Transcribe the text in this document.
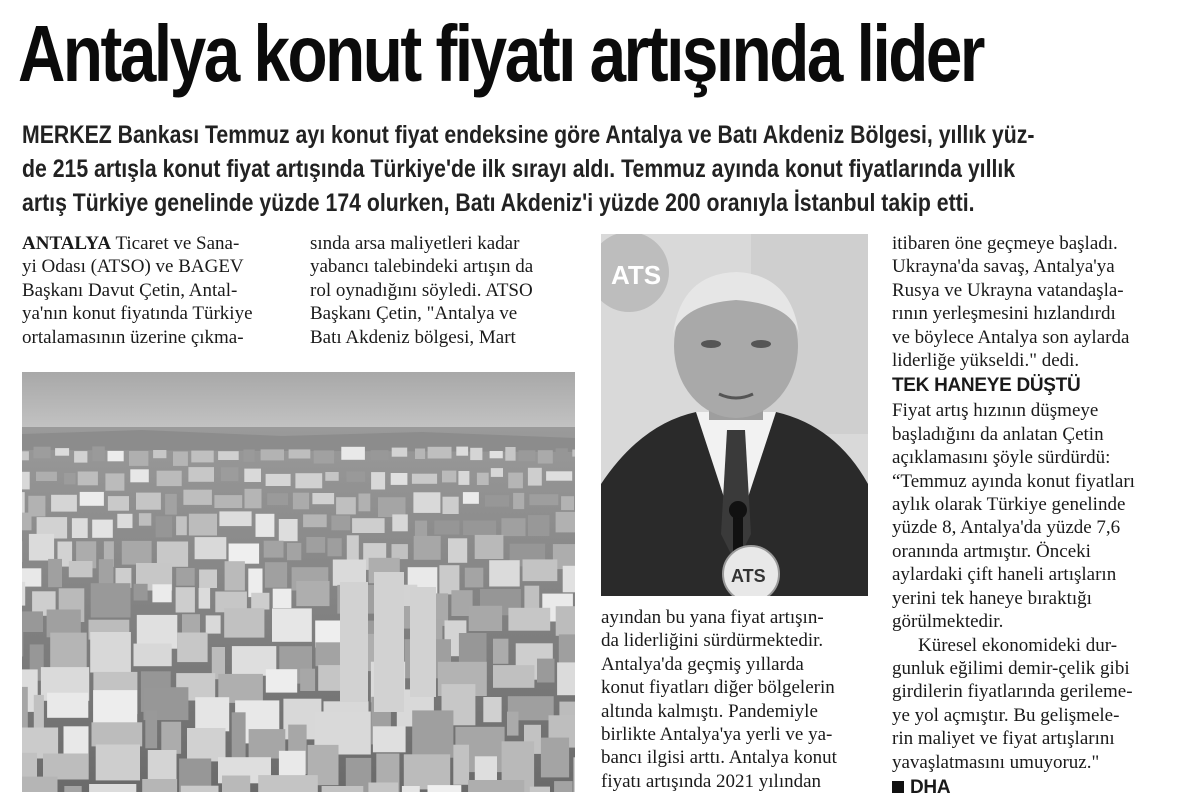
Antalya konut fiyatı artışında lider
MERKEZ Bankası Temmuz ayı konut fiyat endeksine göre Antalya ve Batı Akdeniz Bölgesi, yıllık yüz-
de 215 artışla konut fiyat artışında Türkiye'de ilk sırayı aldı. Temmuz ayında konut fiyatlarında yıllık
artış Türkiye genelinde yüzde 174 olurken, Batı Akdeniz'i yüzde 200 oranıyla İstanbul takip etti.
ANTALYA Ticaret ve Sana-
yi Odası (ATSO) ve BAGEV
Başkanı Davut Çetin, Antal-
ya'nın konut fiyatında Türkiye
ortalamasının üzerine çıkma-
sında arsa maliyetleri kadar
yabancı talebindeki artışın da
rol oynadığını söyledi. ATSO
Başkanı Çetin, "Antalya ve
Batı Akdeniz bölgesi, Mart
ATS
ATS
ayından bu yana fiyat artışın-
da liderliğini sürdürmektedir.
Antalya'da geçmiş yıllarda
konut fiyatları diğer bölgelerin
altında kalmıştı. Pandemiyle
birlikte Antalya'ya yerli ve ya-
bancı ilgisi arttı. Antalya konut
fiyatı artışında 2021 yılından
itibaren öne geçmeye başladı.
Ukrayna'da savaş, Antalya'ya
Rusya ve Ukrayna vatandaşla-
rının yerleşmesini hızlandırdı
ve böylece Antalya son aylarda
liderliğe yükseldi." dedi.
TEK HANEYE DÜŞTÜ
Fiyat artış hızının düşmeye
başladığını da anlatan Çetin
açıklamasını şöyle sürdürdü:
“Temmuz ayında konut fiyatları
aylık olarak Türkiye genelinde
yüzde 8, Antalya'da yüzde 7,6
oranında artmıştır. Önceki
aylardaki çift haneli artışların
yerini tek haneye bıraktığı
görülmektedir.
Küresel ekonomideki dur-
gunluk eğilimi demir-çelik gibi
girdilerin fiyatlarında gerileme-
ye yol açmıştır. Bu gelişmele-
rin maliyet ve fiyat artışlarını
yavaşlatmasını umuyoruz."
DHA
